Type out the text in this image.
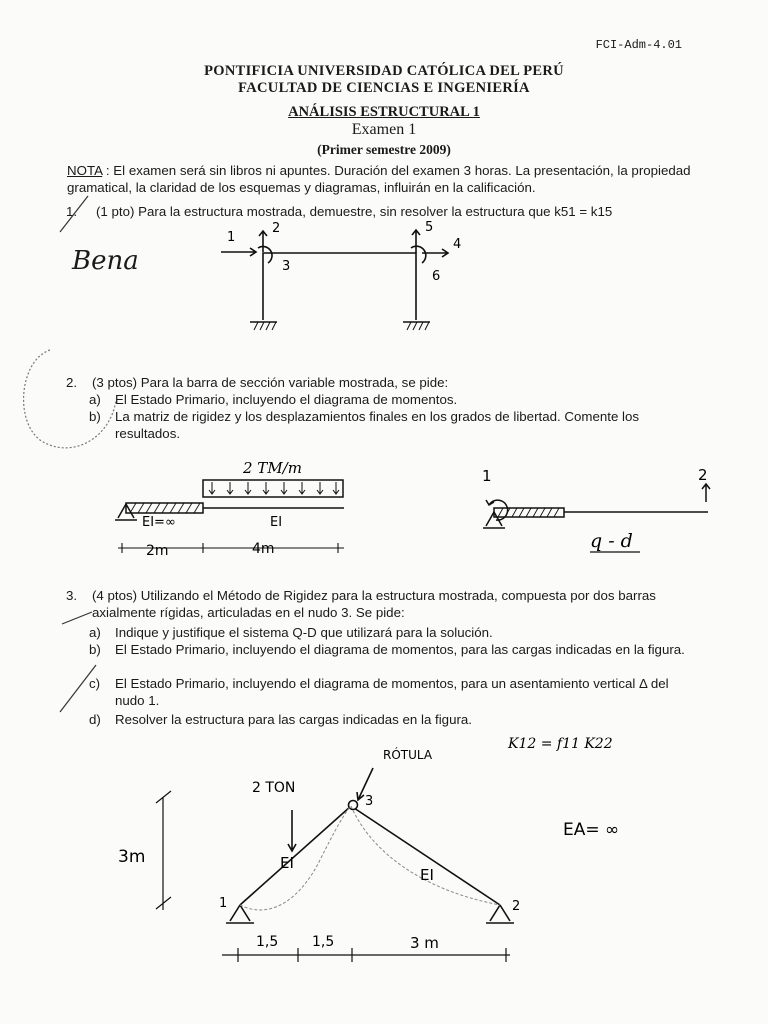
FCI-Adm-4.01
PONTIFICIA UNIVERSIDAD CATÓLICA DEL PERÚ
FACULTAD DE CIENCIAS E INGENIERÍA
ANÁLISIS ESTRUCTURAL 1
Examen 1
(Primer semestre 2009)
NOTA : El examen será sin libros ni apuntes. Duración del examen 3 horas. La presentación, la propiedad gramatical, la claridad de los esquemas y diagramas, influirán en la calificación.
1. (1 pto) Para la estructura mostrada, demuestre, sin resolver la estructura que k51 = k15
Bena
1
2
3
4
5
6
2 TM/m
EI=∞	EI
2m	4m
1	2
q - d
2 TON
RÓTULA
3m
EA= ∞
EI
EI
1	2
3
1,5 1,5	3 m
K12 = f11 K22
2. (3 ptos) Para la barra de sección variable mostrada, se pide:
a) El Estado Primario, incluyendo el diagrama de momentos.
b)	La matriz de rigidez y los desplazamientos finales en los grados de libertad. Comente los resultados.
3. (4 ptos) Utilizando el Método de Rigidez para la estructura mostrada, compuesta por dos barras axialmente rígidas, articuladas en el nudo 3. Se pide:
a) Indique y justifique el sistema Q-D que utilizará para la solución.
b)	El Estado Primario, incluyendo el diagrama de momentos, para las cargas indicadas en la figura.
c)	El Estado Primario, incluyendo el diagrama de momentos, para un asentamiento vertical Δ del nudo 1.
d) Resolver la estructura para las cargas indicadas en la figura.
